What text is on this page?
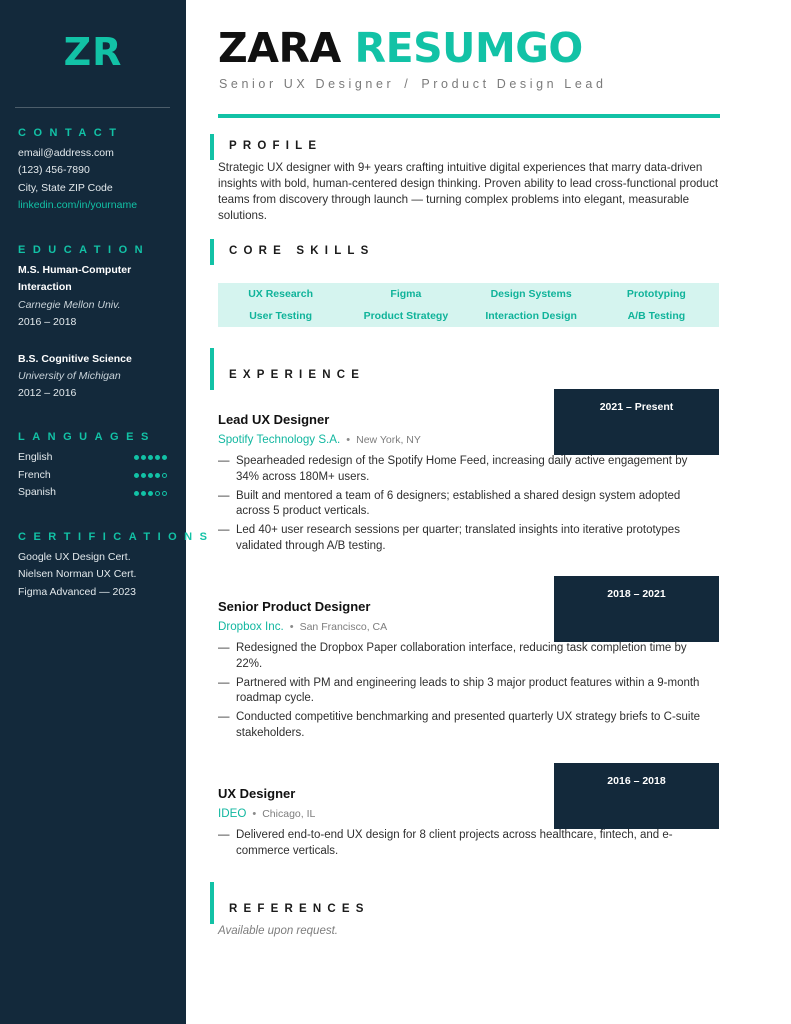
ZR
CONTACT
email@address.com
(123) 456-7890
City, State ZIP Code
linkedin.com/in/yourname
EDUCATION
M.S. Human-Computer Interaction
Carnegie Mellon Univ.
2016 – 2018
B.S. Cognitive Science
University of Michigan
2012 – 2016
LANGUAGES
English
French
Spanish
CERTIFICATIONS
Google UX Design Cert.
Nielsen Norman UX Cert.
Figma Advanced — 2023
ZARA RESUMGO
Senior UX Designer / Product Design Lead
PROFILE

Strategic UX designer with 9+ years crafting intuitive digital experiences that marry data-driven insights with bold, human-centered design thinking. Proven ability to lead cross-functional product teams from discovery through launch — turning complex problems into elegant, measurable solutions.

CORE SKILLS
UX Research	Figma	Design Systems	Prototyping
User Testing	Product Strategy	Interaction Design	A/B Testing
EXPERIENCE
2021 – Present
Lead UX Designer
Spotify Technology S.A. • New York, NY
— Spearheaded redesign of the Spotify Home Feed, increasing daily active engagement by 34% across 180M+ users.
— Built and mentored a team of 6 designers; established a shared design system adopted across 5 product verticals.
— Led 40+ user research sessions per quarter; translated insights into iterative prototypes validated through A/B testing.
2018 – 2021
Senior Product Designer
Dropbox Inc. • San Francisco, CA
— Redesigned the Dropbox Paper collaboration interface, reducing task completion time by 22%.
— Partnered with PM and engineering leads to ship 3 major product features within a 9-month roadmap cycle.
— Conducted competitive benchmarking and presented quarterly UX strategy briefs to C-suite stakeholders.
2016 – 2018
UX Designer
IDEO • Chicago, IL
— Delivered end-to-end UX design for 8 client projects across healthcare, fintech, and e-commerce verticals.
REFERENCES
Available upon request.
